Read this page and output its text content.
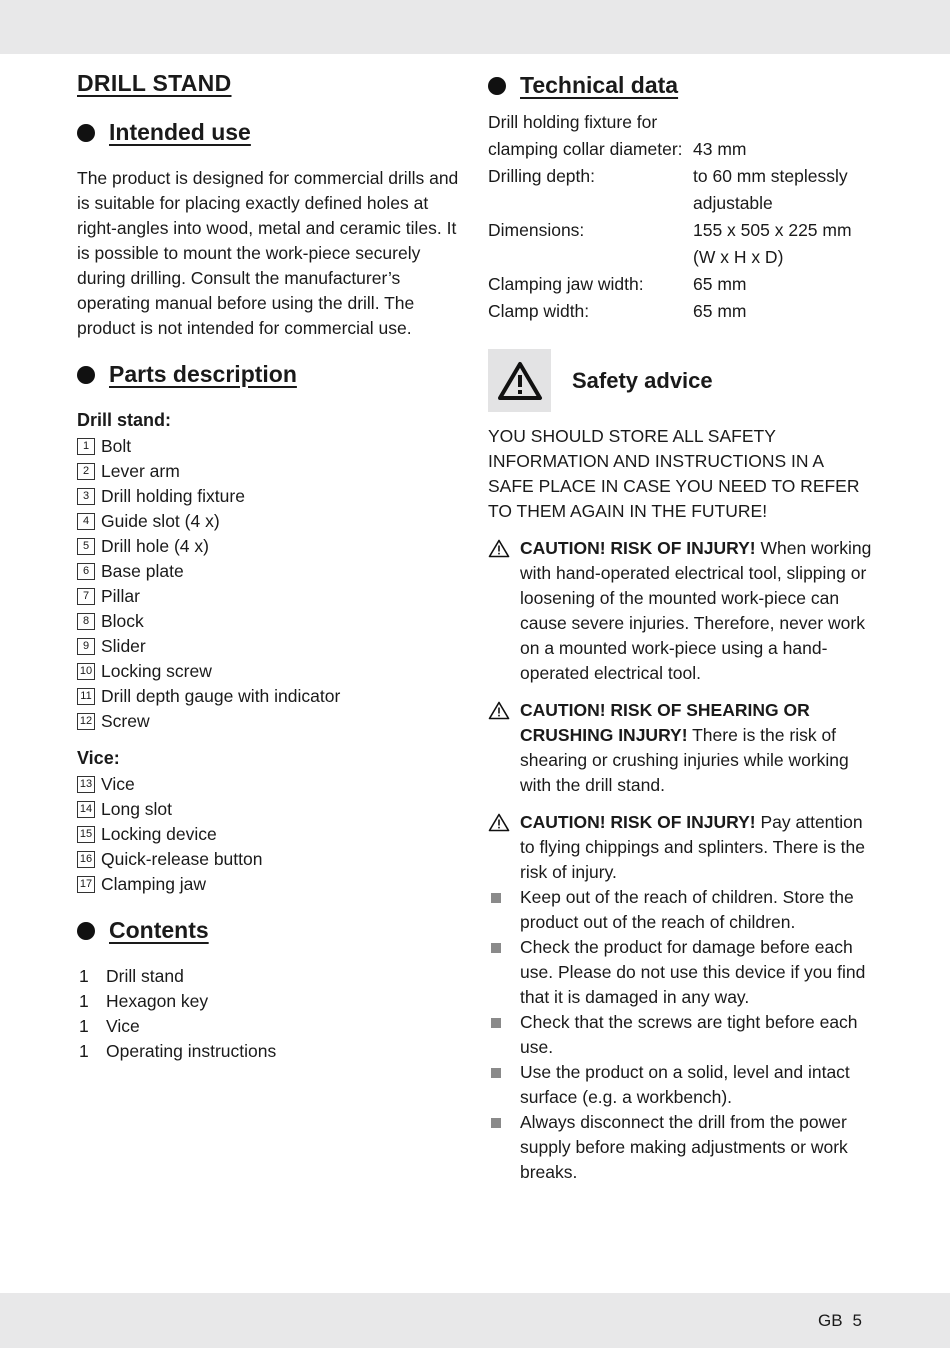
DRILL STAND
Intended use

The product is designed for commercial drills and is suitable for placing exactly defined holes at right-angles into wood, metal and ceramic tiles. It is possible to mount the work-piece securely during drilling. Consult the manufacturer’s operating manual before using the drill. The product is not intended for commercial use.

Parts description
Drill stand:
1 Bolt
2 Lever arm
3 Drill holding fixture
4 Guide slot (4 x)
5 Drill hole (4 x)
6 Base plate
7 Pillar
8 Block
9 Slider
10 Locking screw
11 Drill depth gauge with indicator
12 Screw
Vice:
13 Vice
14 Long slot
15 Locking device
16 Quick-release button
17 Clamping jaw
Contents
1 Drill stand
1 Hexagon key
1 Vice
1 Operating instructions
Technical data
Drill holding fixture for
clamping collar diameter:	43 mm
Drilling depth:	to 60 mm steplessly adjustable
Dimensions:	155 x 505 x 225 mm (W x H x D)
Clamping jaw width:	65 mm
Clamp width:	65 mm
Safety advice

YOU SHOULD STORE ALL SAFETY INFORMATION AND INSTRUCTIONS IN A SAFE PLACE IN CASE YOU NEED TO REFER TO THEM AGAIN IN THE FUTURE!

CAUTION! RISK OF INJURY! When working with hand-operated electrical tool, slipping or loosening of the mounted work-piece can cause severe injuries. Therefore, never work on a mounted work-piece using a hand-operated electrical tool.
CAUTION! RISK OF SHEARING OR CRUSHING INJURY! There is the risk of shearing or crushing injuries while working with the drill stand.
CAUTION! RISK OF INJURY! Pay attention to flying chippings and splinters. There is the risk of injury.
Keep out of the reach of children. Store the product out of the reach of children.
Check the product for damage before each use. Please do not use this device if you find that it is damaged in any way.
Check that the screws are tight before each use.
Use the product on a solid, level and intact surface (e.g. a workbench).
Always disconnect the drill from the power supply before making adjustments or work breaks.
GB 5
